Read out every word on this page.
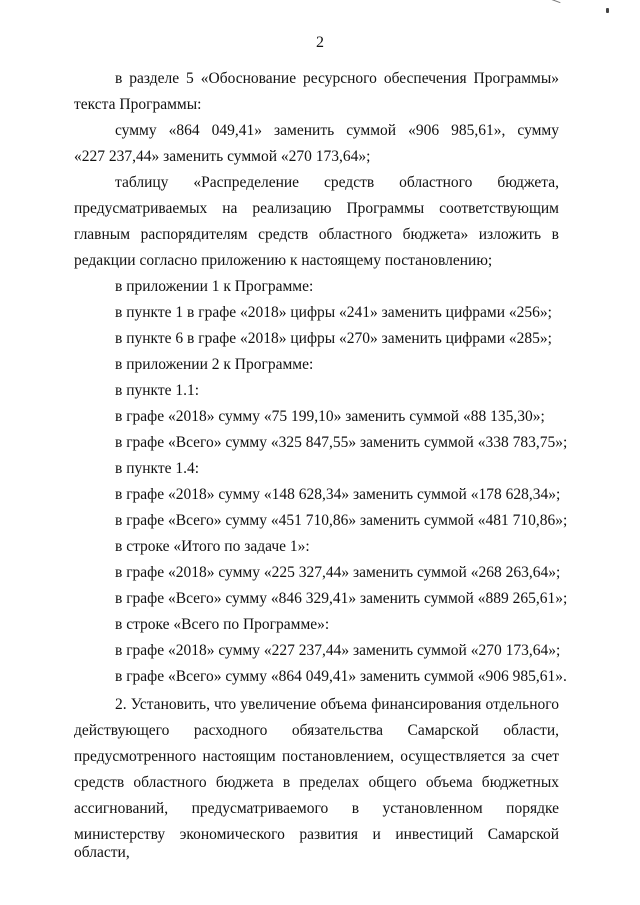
2
в разделе 5 «Обоснование ресурсного обеспечения Программы»
текста Программы:
сумму «864 049,41» заменить суммой «906 985,61», сумму
«227 237,44» заменить суммой «270 173,64»;
таблицу «Распределение средств областного бюджета,
предусматриваемых на реализацию Программы соответствующим
главным распорядителям средств областного бюджета» изложить в
редакции согласно приложению к настоящему постановлению;
в приложении 1 к Программе:
в пункте 1 в графе «2018» цифры «241» заменить цифрами «256»;
в пункте 6 в графе «2018» цифры «270» заменить цифрами «285»;
в приложении 2 к Программе:
в пункте 1.1:
в графе «2018» сумму «75 199,10» заменить суммой «88 135,30»;
в графе «Всего» сумму «325 847,55» заменить суммой «338 783,75»;
в пункте 1.4:
в графе «2018» сумму «148 628,34» заменить суммой «178 628,34»;
в графе «Всего» сумму «451 710,86» заменить суммой «481 710,86»;
в строке «Итого по задаче 1»:
в графе «2018» сумму «225 327,44» заменить суммой «268 263,64»;
в графе «Всего» сумму «846 329,41» заменить суммой «889 265,61»;
в строке «Всего по Программе»:
в графе «2018» сумму «227 237,44» заменить суммой «270 173,64»;
в графе «Всего» сумму «864 049,41» заменить суммой «906 985,61».
2. Установить, что увеличение объема финансирования отдельного
действующего расходного обязательства Самарской области,
предусмотренного настоящим постановлением, осуществляется за счет
средств областного бюджета в пределах общего объема бюджетных
ассигнований, предусматриваемого в установленном порядке
министерству экономического развития и инвестиций Самарской области,
